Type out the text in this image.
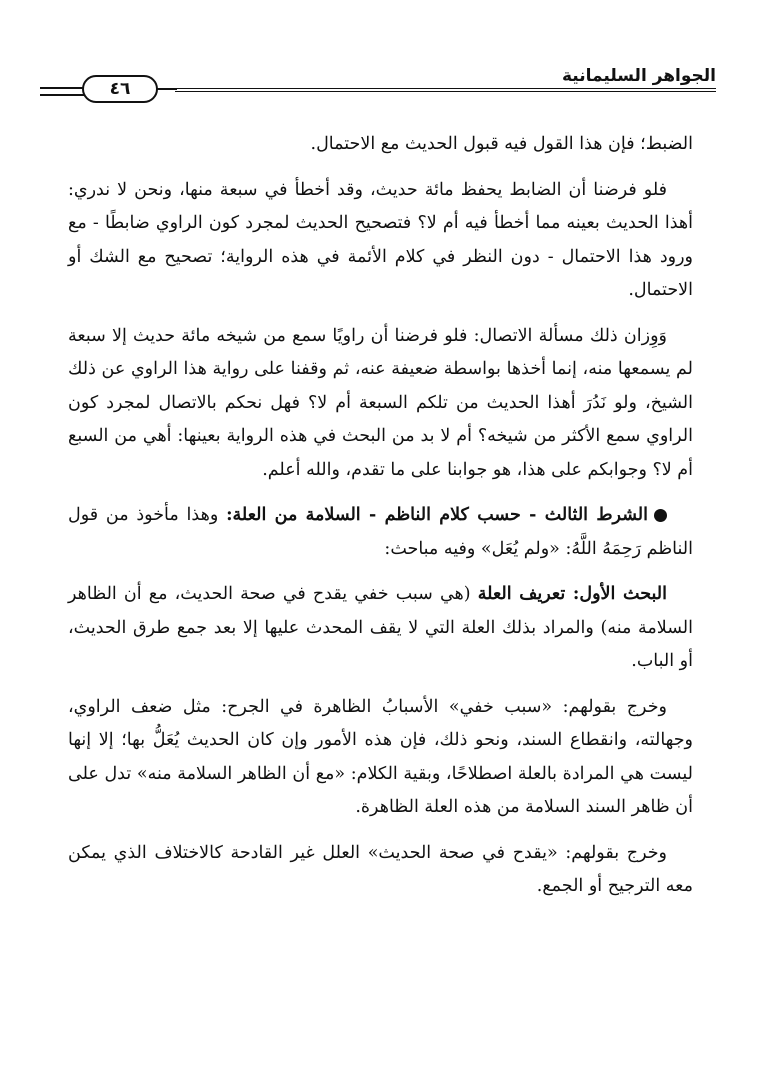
الجواهر السليمانية
٤٦

الضبط؛ فإن هذا القول فيه قبول الحديث مع الاحتمال.

فلو فرضنا أن الضابط يحفظ مائة حديث، وقد أخطأ في سبعة منها، ونحن لا ندري: أهذا الحديث بعينه مما أخطأ فيه أم لا؟ فتصحيح الحديث لمجرد كون الراوي ضابطًا - مع ورود هذا الاحتمال - دون النظر في كلام الأئمة في هذه الرواية؛ تصحيح مع الشك أو الاحتمال.

وَوِزان ذلك مسألة الاتصال: فلو فرضنا أن راويًا سمع من شيخه مائة حديث إلا سبعة لم يسمعها منه، إنما أخذها بواسطة ضعيفة عنه، ثم وقفنا على رواية هذا الراوي عن ذلك الشيخ، ولو نَدُرَ أهذا الحديث من تلكم السبعة أم لا؟ فهل نحكم بالاتصال لمجرد كون الراوي سمع الأكثر من شيخه؟ أم لا بد من البحث في هذه الرواية بعينها: أهي من السبع أم لا؟ وجوابكم على هذا، هو جوابنا على ما تقدم، والله أعلم.

الشرط الثالث - حسب كلام الناظم - السلامة من العلة: وهذا مأخوذ من قول الناظم رَحِمَهُ اللَّهُ: «ولم يُعَل» وفيه مباحث:

البحث الأول: تعريف العلة (هي سبب خفي يقدح في صحة الحديث، مع أن الظاهر السلامة منه) والمراد بذلك العلة التي لا يقف المحدث عليها إلا بعد جمع طرق الحديث، أو الباب.

وخرج بقولهم: «سبب خفي» الأسبابُ الظاهرة في الجرح: مثل ضعف الراوي، وجهالته، وانقطاع السند، ونحو ذلك، فإن هذه الأمور وإن كان الحديث يُعَلُّ بها؛ إلا إنها ليست هي المرادة بالعلة اصطلاحًا، وبقية الكلام: «مع أن الظاهر السلامة منه» تدل على أن ظاهر السند السلامة من هذه العلة الظاهرة.

وخرج بقولهم: «يقدح في صحة الحديث» العلل غير القادحة كالاختلاف الذي يمكن معه الترجيح أو الجمع.
